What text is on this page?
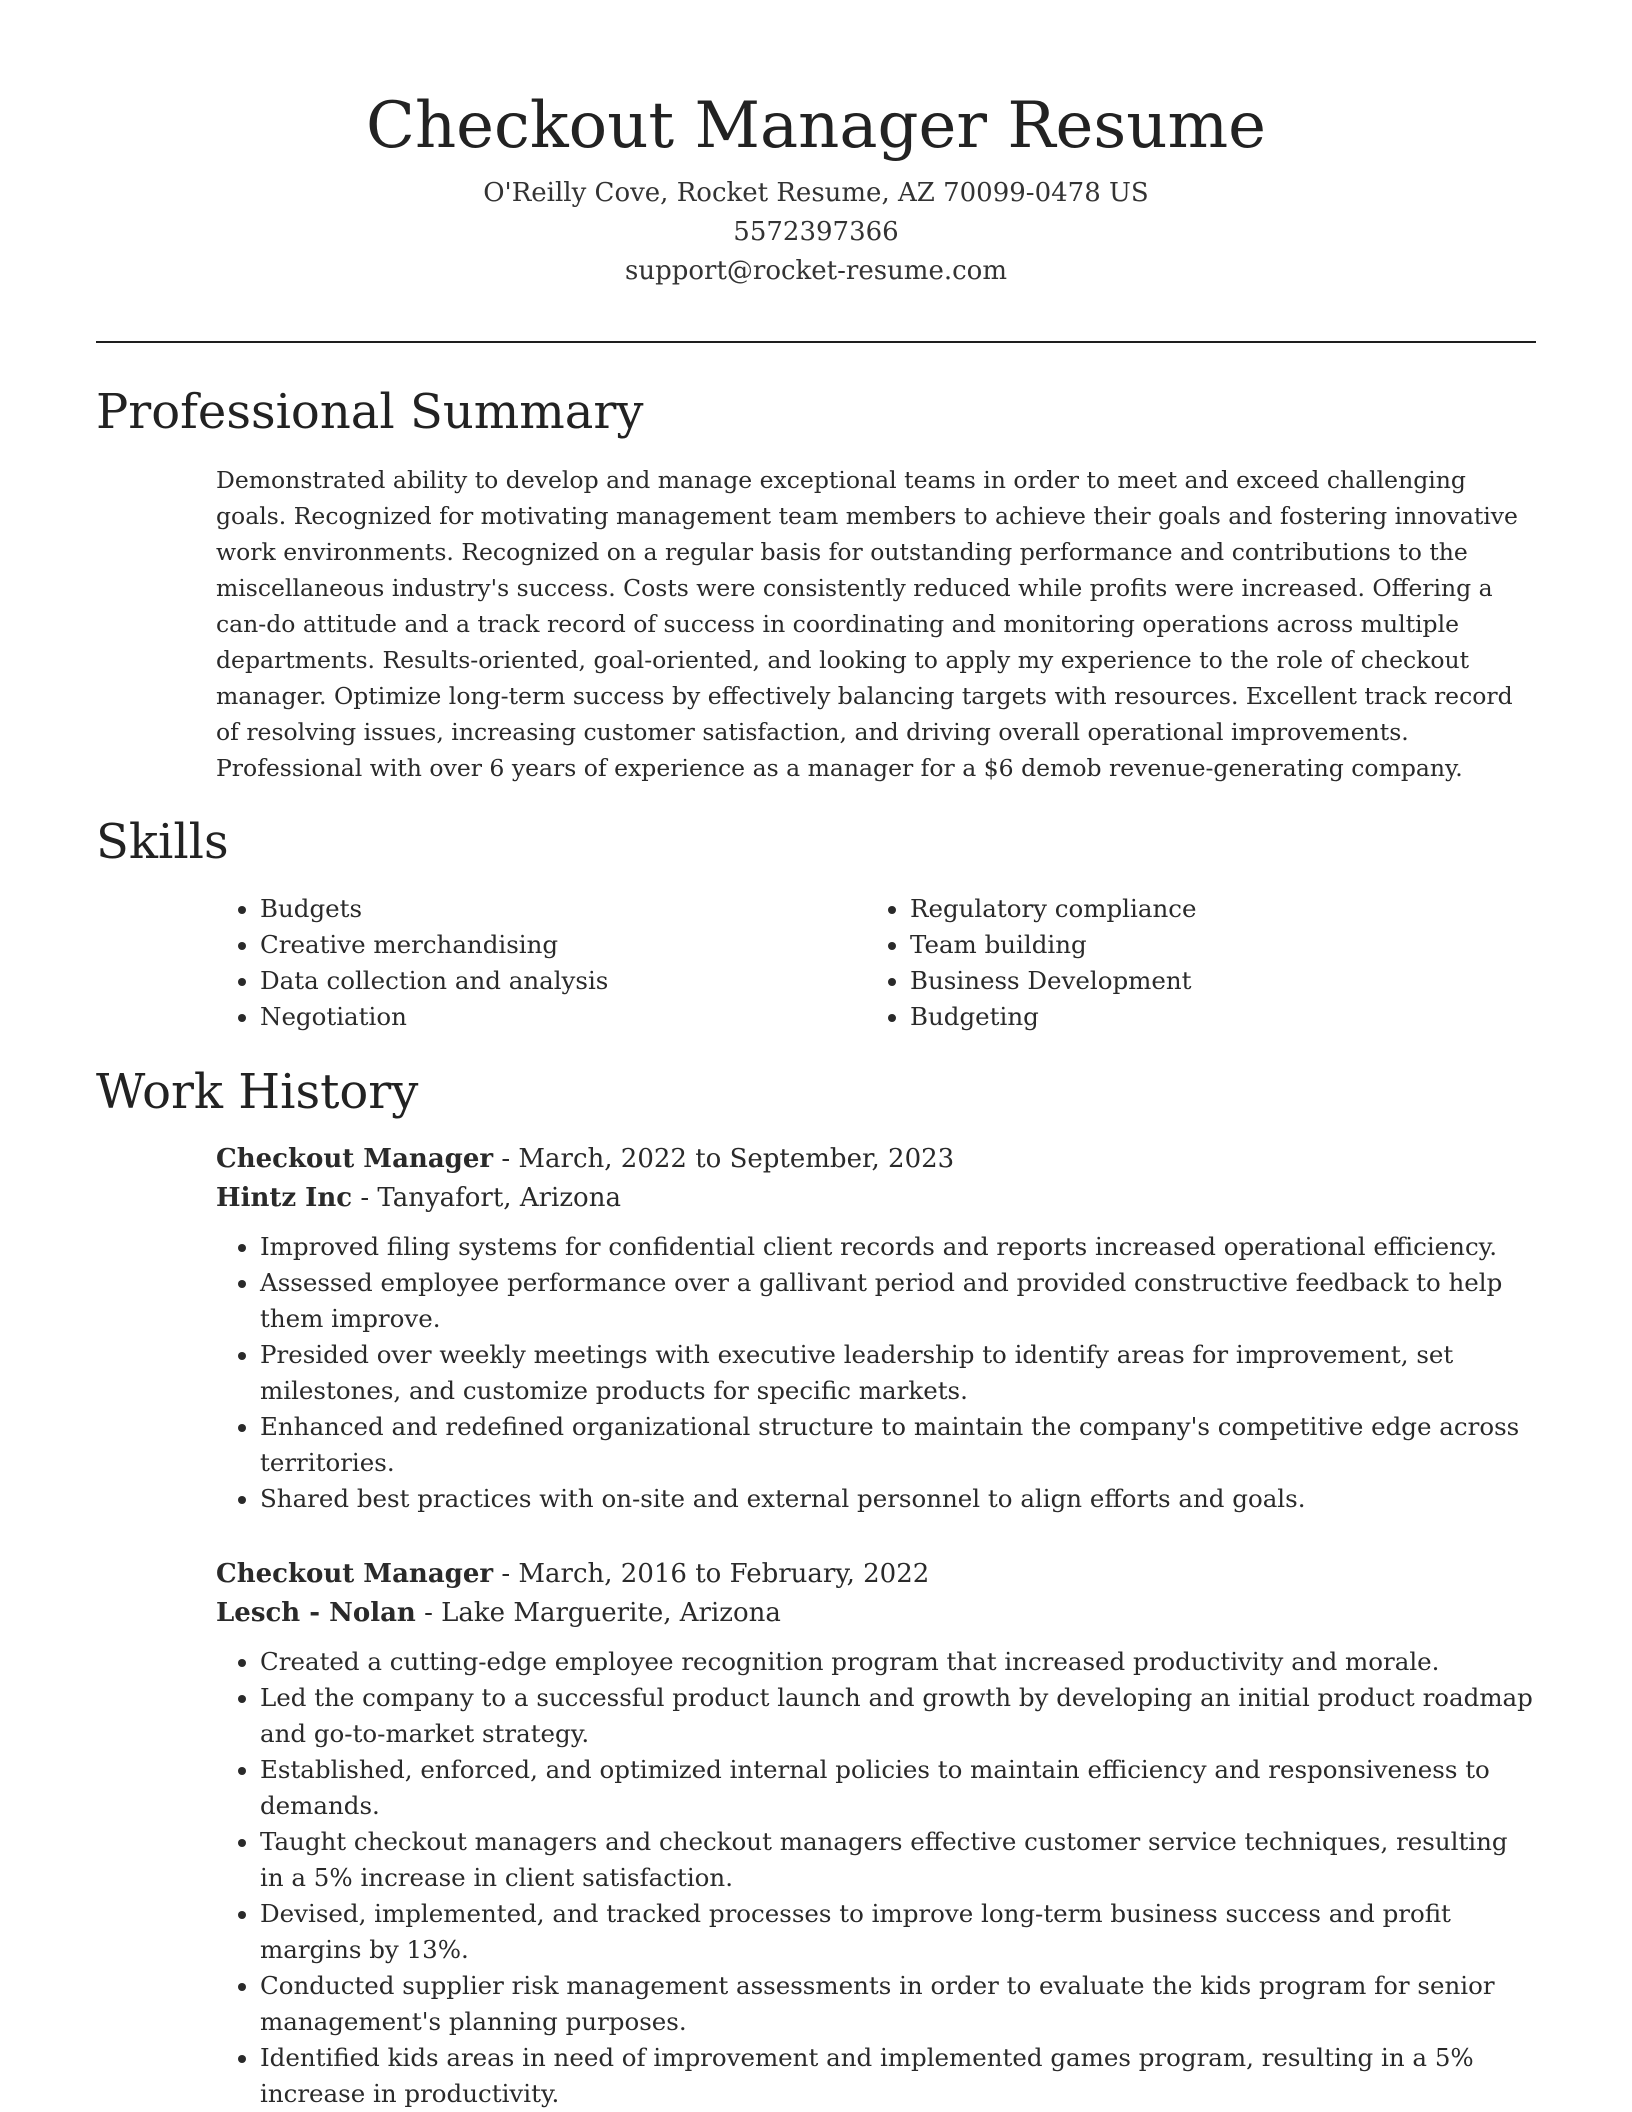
Checkout Manager Resume
O'Reilly Cove, Rocket Resume, AZ 70099-0478 US
5572397366
support@rocket-resume.com
Professional Summary

Demonstrated ability to develop and manage exceptional teams in order to meet and exceed challenging goals. Recognized for motivating management team members to achieve their goals and fostering innovative work environments. Recognized on a regular basis for outstanding performance and contributions to the miscellaneous industry's success. Costs were consistently reduced while profits were increased. Offering a can-do attitude and a track record of success in coordinating and monitoring operations across multiple departments. Results-oriented, goal-oriented, and looking to apply my experience to the role of checkout manager. Optimize long-term success by effectively balancing targets with resources. Excellent track record of resolving issues, increasing customer satisfaction, and driving overall operational improvements. Professional with over 6 years of experience as a manager for a $6 demob revenue-generating company.

Skills
• Budgets
• Creative merchandising
• Data collection and analysis
• Negotiation
• Regulatory compliance
• Team building
• Business Development
• Budgeting
Work History
Checkout Manager - March, 2022 to September, 2023
Hintz Inc - Tanyafort, Arizona
• Improved filing systems for confidential client records and reports increased operational efficiency.
• Assessed employee performance over a gallivant period and provided constructive feedback to help them improve.
• Presided over weekly meetings with executive leadership to identify areas for improvement, set milestones, and customize products for specific markets.
• Enhanced and redefined organizational structure to maintain the company's competitive edge across territories.
• Shared best practices with on-site and external personnel to align efforts and goals.
Checkout Manager - March, 2016 to February, 2022
Lesch - Nolan - Lake Marguerite, Arizona
• Created a cutting-edge employee recognition program that increased productivity and morale.
• Led the company to a successful product launch and growth by developing an initial product roadmap and go-to-market strategy.
• Established, enforced, and optimized internal policies to maintain efficiency and responsiveness to demands.
• Taught checkout managers and checkout managers effective customer service techniques, resulting in a 5% increase in client satisfaction.
• Devised, implemented, and tracked processes to improve long-term business success and profit margins by 13%.
• Conducted supplier risk management assessments in order to evaluate the kids program for senior management's planning purposes.
• Identified kids areas in need of improvement and implemented games program, resulting in a 5% increase in productivity.
